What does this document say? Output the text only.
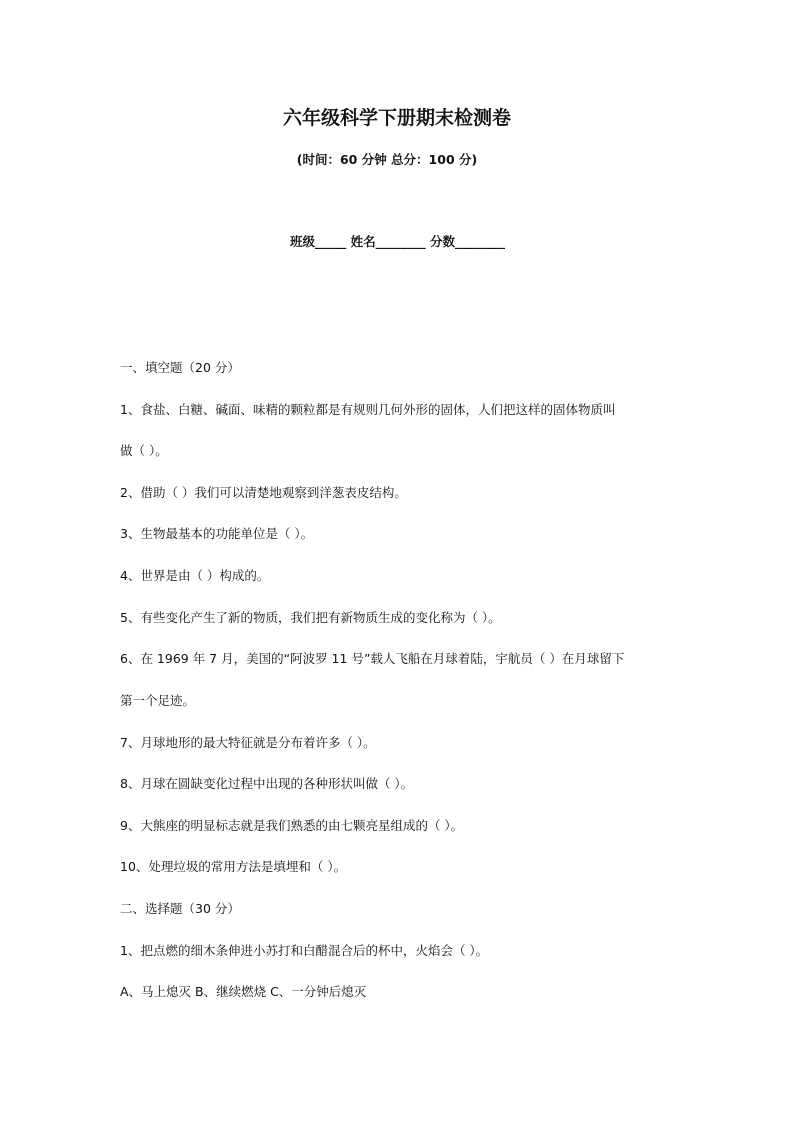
六年级科学下册期末检测卷
(时间：60 分钟 总分：100 分)
班级_____ 姓名________ 分数________
一、填空题（20 分）
1、食盐、白糖、碱面、味精的颗粒都是有规则几何外形的固体，人们把这样的固体物质叫
做（ ）。
2、借助（ ）我们可以清楚地观察到洋葱表皮结构。
3、生物最基本的功能单位是（ ）。
4、世界是由（ ）构成的。
5、有些变化产生了新的物质，我们把有新物质生成的变化称为（ ）。
6、在 1969 年 7 月，美国的“阿波罗 11 号”载人飞船在月球着陆，宇航员（ ）在月球留下
第一个足迹。
7、月球地形的最大特征就是分布着许多（ ）。
8、月球在圆缺变化过程中出现的各种形状叫做（ ）。
9、大熊座的明显标志就是我们熟悉的由七颗亮星组成的（ ）。
10、处理垃圾的常用方法是填埋和（ ）。
二、选择题（30 分）
1、把点燃的细木条伸进小苏打和白醋混合后的杯中，火焰会（ ）。
A、马上熄灭 B、继续燃烧 C、一分钟后熄灭
